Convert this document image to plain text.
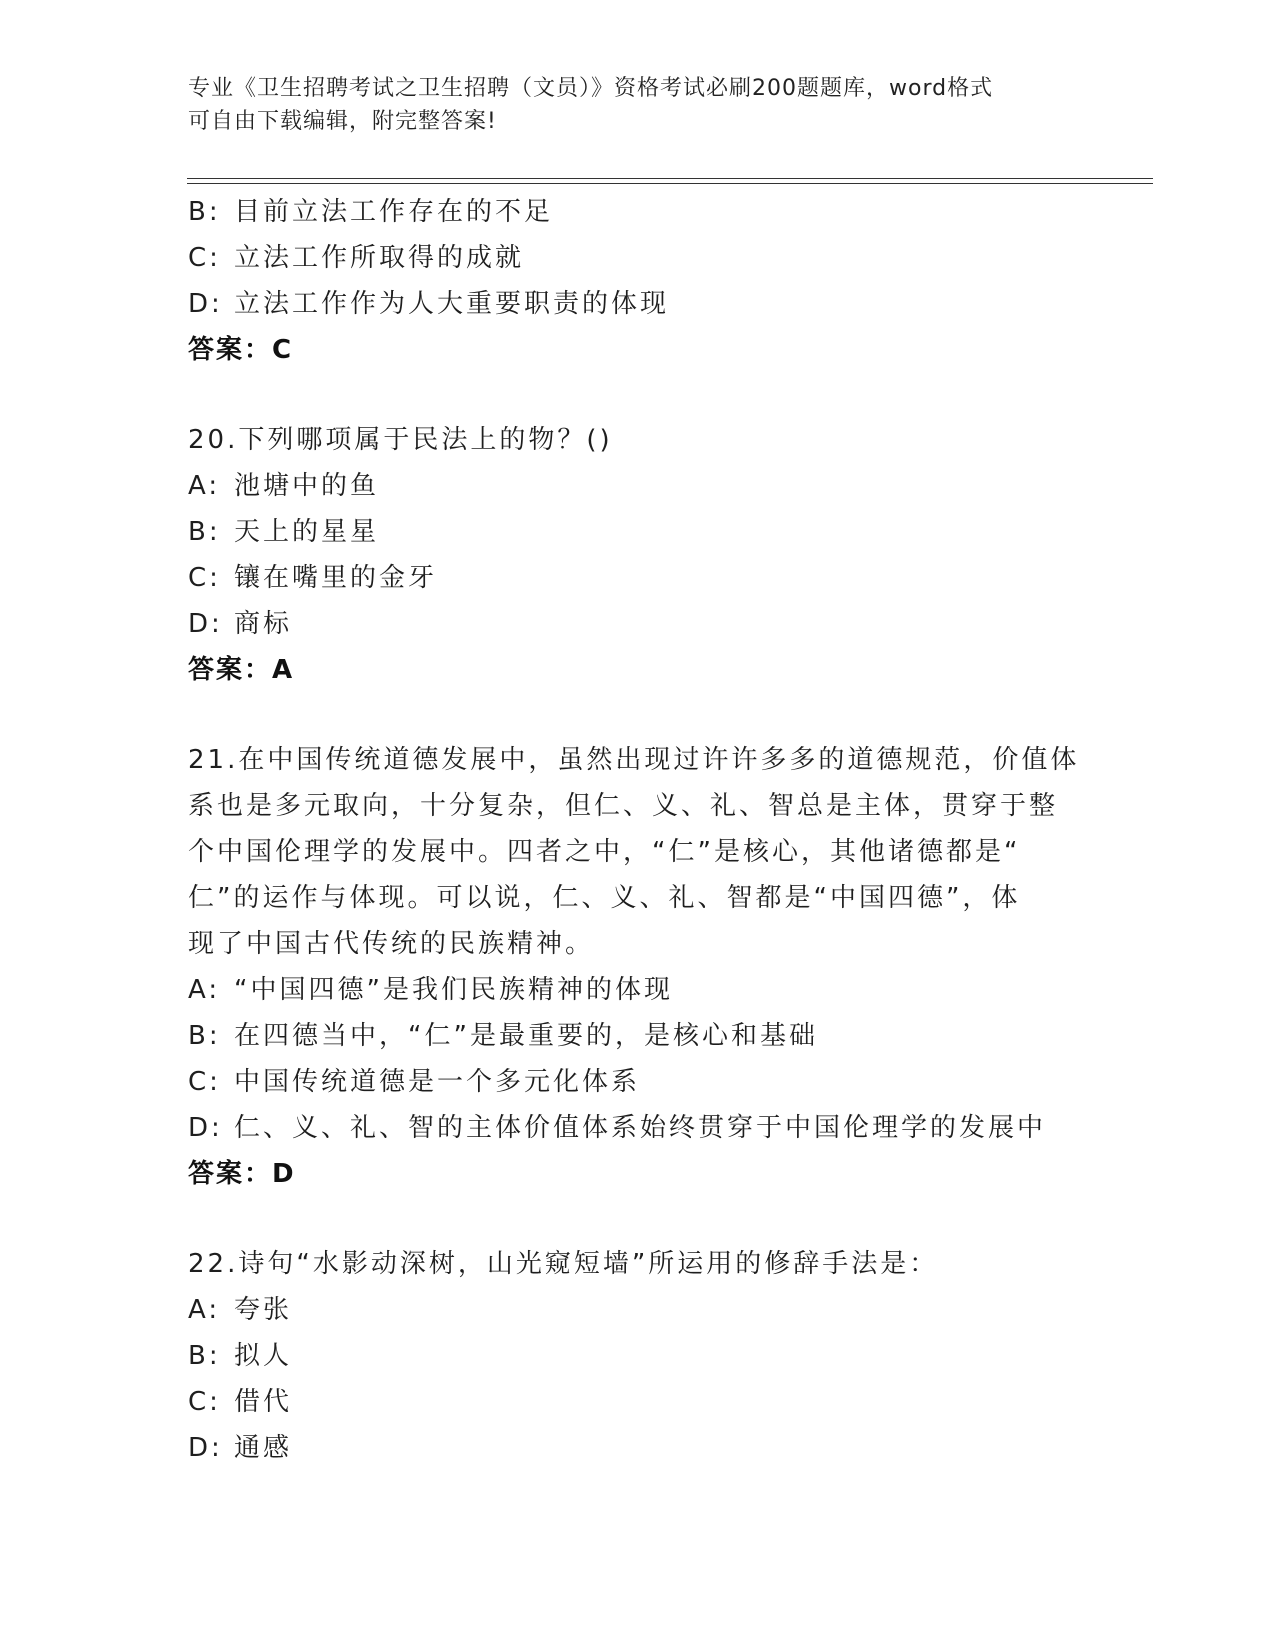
专业《卫生招聘考试之卫生招聘（文员）》资格考试必刷200题题库，word格式
可自由下载编辑，附完整答案!
B: 目前立法工作存在的不足
C: 立法工作所取得的成就
D: 立法工作作为人大重要职责的体现
答案：C
20.下列哪项属于民法上的物？()
A: 池塘中的鱼
B: 天上的星星
C: 镶在嘴里的金牙
D: 商标
答案：A
21.在中国传统道德发展中，虽然出现过许许多多的道德规范，价值体
系也是多元取向，十分复杂，但仁、义、礼、智总是主体，贯穿于整
个中国伦理学的发展中。四者之中，“仁”是核心，其他诸德都是“
仁”的运作与体现。可以说，仁、义、礼、智都是“中国四德”，体
现了中国古代传统的民族精神。
A: “中国四德”是我们民族精神的体现
B: 在四德当中，“仁”是最重要的，是核心和基础
C: 中国传统道德是一个多元化体系
D: 仁、义、礼、智的主体价值体系始终贯穿于中国伦理学的发展中
答案：D
22.诗句“水影动深树，山光窥短墙”所运用的修辞手法是：
A: 夸张
B: 拟人
C: 借代
D: 通感
